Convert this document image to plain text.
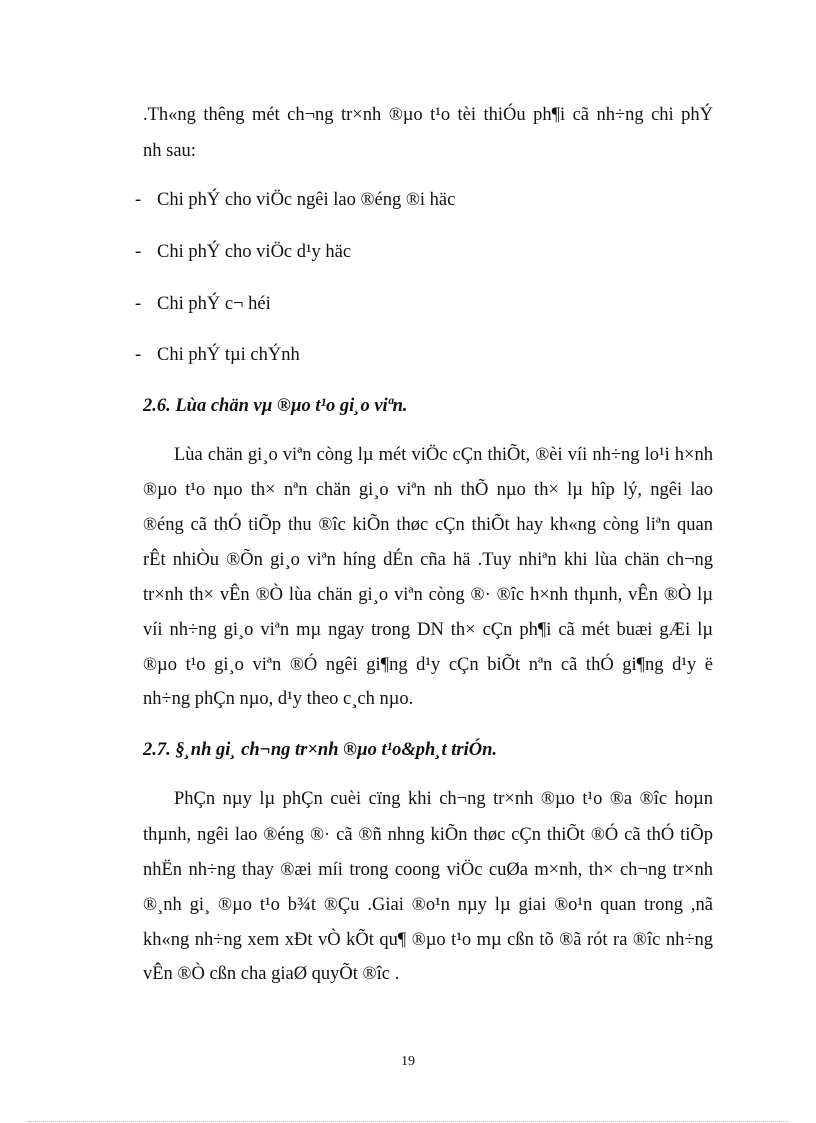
.Th«ng thêng mét ch¬ng tr×nh ®µo t¹o tèi thiÓu ph¶i cã nh÷ng chi phÝ
nh sau:
- Chi phÝ cho viÖc ngêi lao ®éng ®i häc
- Chi phÝ cho viÖc d¹y häc
- Chi phÝ c¬ héi
- Chi phÝ tµi chÝnh
2.6. Lùa chän vµ ®µo t¹o gi¸o viªn.
Lùa chän gi¸o viªn còng lµ mét viÖc cÇn thiÕt, ®èi víi nh÷ng lo¹i h×nh
®µo t¹o nµo th× nªn chän gi¸o viªn nh thÕ nµo th× lµ hîp lý, ngêi lao
®éng cã thÓ tiÕp thu ®îc kiÕn thøc cÇn thiÕt hay kh«ng còng liªn quan
rÊt nhiÒu ®Õn gi¸o viªn híng dÉn cña hä .Tuy nhiªn khi lùa chän ch¬ng
tr×nh th× vÊn ®Ò lùa chän gi¸o viªn còng ®· ®îc h×nh thµnh, vÊn ®Ò lµ
víi nh÷ng gi¸o viªn mµ ngay trong DN th× cÇn ph¶i cã mét buæi gÆi lµ
®µo t¹o gi¸o viªn ®Ó ngêi gi¶ng d¹y cÇn biÕt nªn cã thÓ gi¶ng d¹y ë
nh÷ng phÇn nµo, d¹y theo c¸ch nµo.
2.7. §¸nh gi¸ ch¬ng tr×nh ®µo t¹o&ph¸t triÓn.
PhÇn nµy lµ phÇn cuèi cïng khi ch¬ng tr×nh ®µo t¹o ®a ®îc hoµn
thµnh, ngêi lao ®éng ®· cã ®ñ nhng kiÕn thøc cÇn thiÕt ®Ó cã thÓ tiÕp
nhËn nh÷ng thay ®æi míi trong coong viÖc cuØa m×nh, th× ch¬ng tr×nh
®¸nh gi¸ ®µo t¹o b¾t ®Çu .Giai ®o¹n nµy lµ giai ®o¹n quan trong ,nã
kh«ng nh÷ng xem xÐt vÒ kÕt qu¶ ®µo t¹o mµ cßn tõ ®ã rót ra ®îc nh÷ng
vÊn ®Ò cßn cha giaØ quyÕt ®îc .
19
